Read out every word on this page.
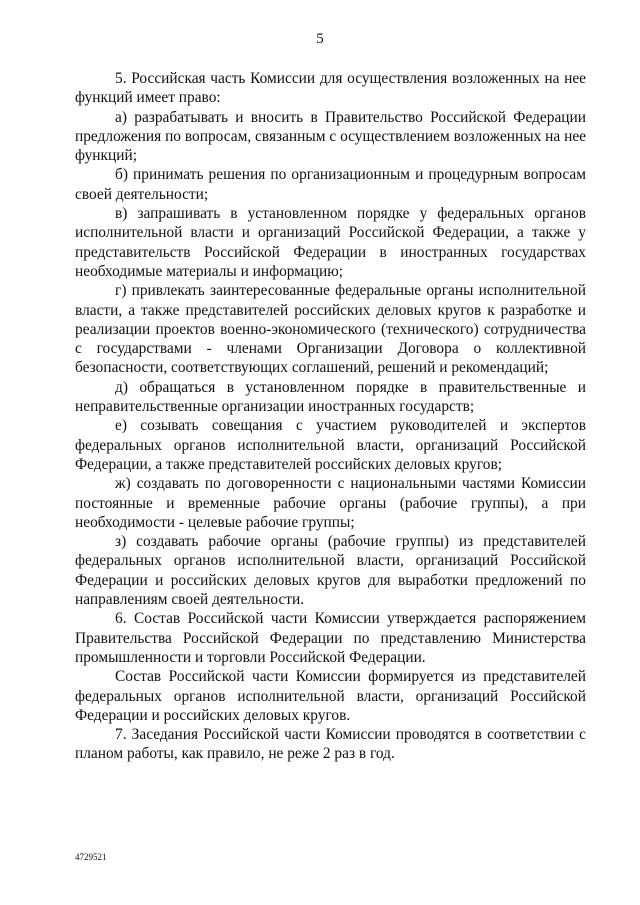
5

5. Российская часть Комиссии для осуществления возложенных на нее функций имеет право:

а) разрабатывать и вносить в Правительство Российской Федерации предложения по вопросам, связанным с осуществлением возложенных на нее функций;

б) принимать решения по организационным и процедурным вопросам своей деятельности;

в) запрашивать в установленном порядке у федеральных органов исполнительной власти и организаций Российской Федерации, а также у представительств Российской Федерации в иностранных государствах необходимые материалы и информацию;

г) привлекать заинтересованные федеральные органы исполнительной власти, а также представителей российских деловых кругов к разработке и реализации проектов военно-экономического (технического) сотрудничества с государствами - членами Организации Договора о коллективной безопасности, соответствующих соглашений, решений и рекомендаций;

д) обращаться в установленном порядке в правительственные и неправительственные организации иностранных государств;

е) созывать совещания с участием руководителей и экспертов федеральных органов исполнительной власти, организаций Российской Федерации, а также представителей российских деловых кругов;

ж) создавать по договоренности с национальными частями Комиссии постоянные и временные рабочие органы (рабочие группы), а при необходимости - целевые рабочие группы;

з) создавать рабочие органы (рабочие группы) из представителей федеральных органов исполнительной власти, организаций Российской Федерации и российских деловых кругов для выработки предложений по направлениям своей деятельности.

6. Состав Российской части Комиссии утверждается распоряжением Правительства Российской Федерации по представлению Министерства промышленности и торговли Российской Федерации.

Состав Российской части Комиссии формируется из представителей федеральных органов исполнительной власти, организаций Российской Федерации и российских деловых кругов.

7. Заседания Российской части Комиссии проводятся в соответствии с планом работы, как правило, не реже 2 раз в год.

4729521
